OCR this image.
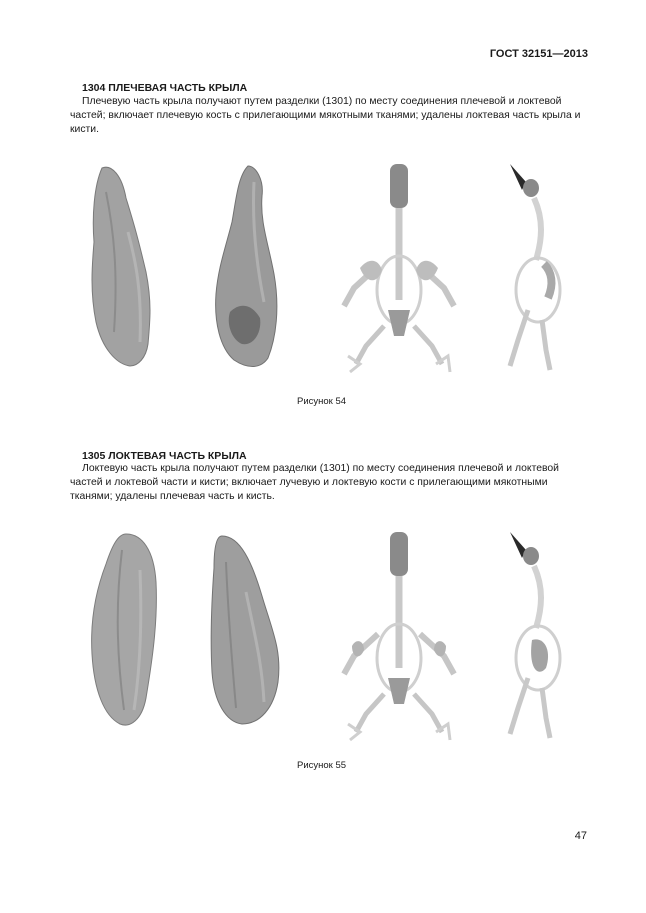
ГОСТ 32151—2013
1304 ПЛЕЧЕВАЯ ЧАСТЬ КРЫЛА
Плечевую часть крыла получают путем разделки (1301) по месту соединения плечевой и локтевой частей; включает плечевую кость с прилегающими мякотными тканями; удалены локтевая часть крыла и кисти.
Рисунок 54
1305 ЛОКТЕВАЯ ЧАСТЬ КРЫЛА
Локтевую часть крыла получают путем разделки (1301) по месту соединения плечевой и локтевой частей и локтевой части и кисти; включает лучевую и локтевую кости с прилегающими мякотными тканями; удалены плечевая часть и кисть.
Рисунок 55
47
